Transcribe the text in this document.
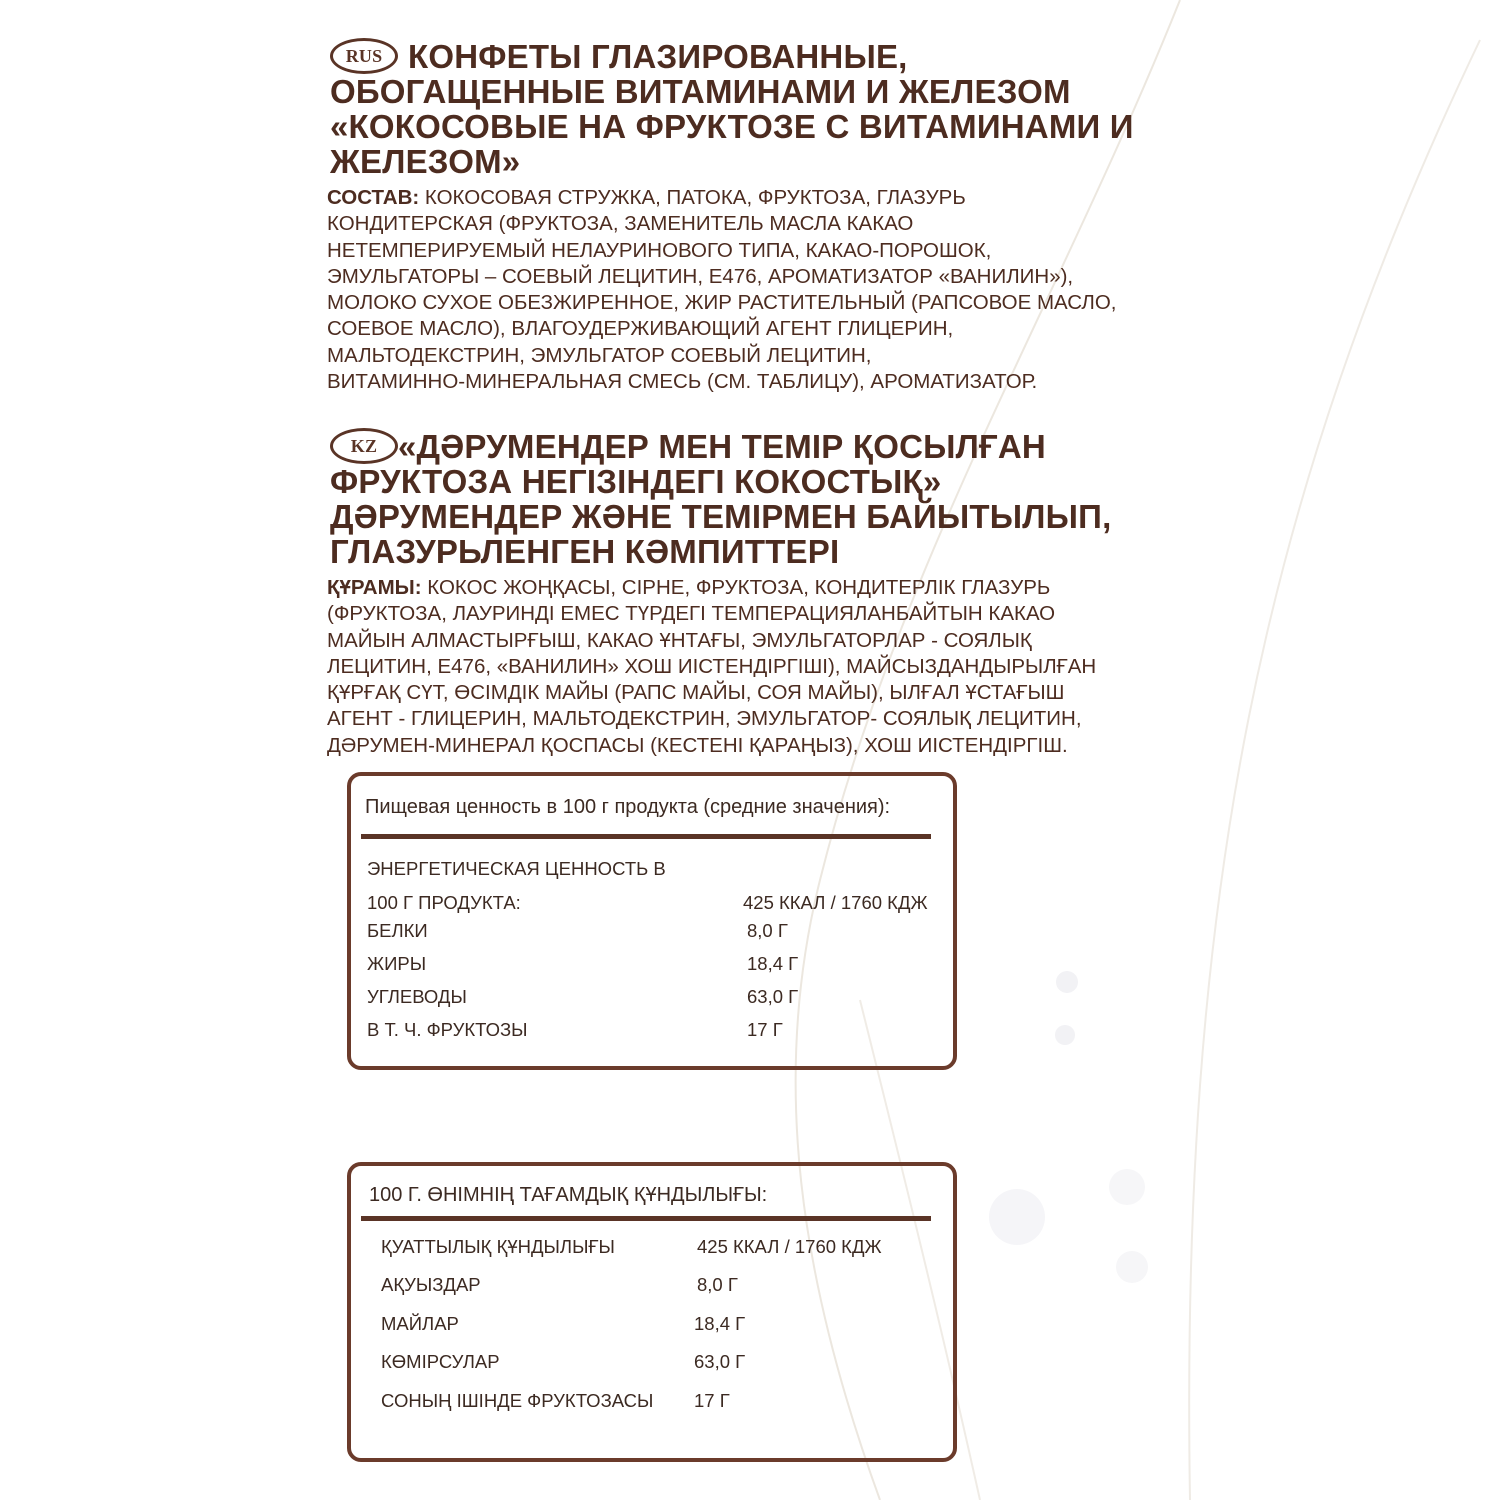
RUS КОНФЕТЫ ГЛАЗИРОВАННЫЕ,
ОБОГАЩЕННЫЕ ВИТАМИНАМИ И ЖЕЛЕЗОМ
«КОКОСОВЫЕ НА ФРУКТОЗЕ С ВИТАМИНАМИ И
ЖЕЛЕЗОМ»
СОСТАВ: КОКОСОВАЯ СТРУЖКА, ПАТОКА, ФРУКТОЗА, ГЛАЗУРЬ
КОНДИТЕРСКАЯ (ФРУКТОЗА, ЗАМЕНИТЕЛЬ МАСЛА КАКАО
НЕТЕМПЕРИРУЕМЫЙ НЕЛАУРИНОВОГО ТИПА, КАКАО-ПОРОШОК,
ЭМУЛЬГАТОРЫ – СОЕВЫЙ ЛЕЦИТИН, Е476, АРОМАТИЗАТОР «ВАНИЛИН»),
МОЛОКО СУХОЕ ОБЕЗЖИРЕННОЕ, ЖИР РАСТИТЕЛЬНЫЙ (РАПСОВОЕ МАСЛО,
СОЕВОЕ МАСЛО), ВЛАГОУДЕРЖИВАЮЩИЙ АГЕНТ ГЛИЦЕРИН,
МАЛЬТОДЕКСТРИН, ЭМУЛЬГАТОР СОЕВЫЙ ЛЕЦИТИН,
ВИТАМИННО-МИНЕРАЛЬНАЯ СМЕСЬ (СМ. ТАБЛИЦУ), АРОМАТИЗАТОР.
KZ «ДӘРУМЕНДЕР МЕН ТЕМІР ҚОСЫЛҒАН
ФРУКТОЗА НЕГІЗІНДЕГІ КОКОСТЫҚ»
ДӘРУМЕНДЕР ЖӘНЕ ТЕМІРМЕН БАЙЫТЫЛЫП,
ГЛАЗУРЬЛЕНГЕН КӘМПИТТЕРІ
ҚҰРАМЫ: КОКОС ЖОҢҚАСЫ, СІРНЕ, ФРУКТОЗА, КОНДИТЕРЛІК ГЛАЗУРЬ
(ФРУКТОЗА, ЛАУРИНДІ ЕМЕС ТҮРДЕГІ ТЕМПЕРАЦИЯЛАНБАЙТЫН КАКАО
МАЙЫН АЛМАСТЫРҒЫШ, КАКАО ҰНТАҒЫ, ЭМУЛЬГАТОРЛАР - СОЯЛЫҚ
ЛЕЦИТИН, Е476, «ВАНИЛИН» ХОШ ИІСТЕНДІРГІШІ), МАЙСЫЗДАНДЫРЫЛҒАН
ҚҰРҒАҚ СҮТ, ӨСІМДІК МАЙЫ (РАПС МАЙЫ, СОЯ МАЙЫ), ЫЛҒАЛ ҰСТАҒЫШ
АГЕНТ - ГЛИЦЕРИН, МАЛЬТОДЕКСТРИН, ЭМУЛЬГАТОР- СОЯЛЫҚ ЛЕЦИТИН,
ДӘРУМЕН-МИНЕРАЛ ҚОСПАСЫ (КЕСТЕНІ ҚАРАҢЫЗ), ХОШ ИІСТЕНДІРГІШ.
Пищевая ценность в 100 г продукта (средние значения):
ЭНЕРГЕТИЧЕСКАЯ ЦЕННОСТЬ В
100 Г ПРОДУКТА:	425 ККАЛ / 1760 КДЖ
БЕЛКИ	8,0 Г
ЖИРЫ	18,4 Г
УГЛЕВОДЫ	63,0 Г
В Т. Ч. ФРУКТОЗЫ	17 Г
100 Г. ӨНІМНІҢ ТАҒАМДЫҚ ҚҰНДЫЛЫҒЫ:
ҚУАТТЫЛЫҚ ҚҰНДЫЛЫҒЫ	425 ККАЛ / 1760 КДЖ
АҚУЫЗДАР	8,0 Г
МАЙЛАР	18,4 Г
КӨМІРСУЛАР	63,0 Г
СОНЫҢ ІШІНДЕ ФРУКТОЗАСЫ 17 Г
